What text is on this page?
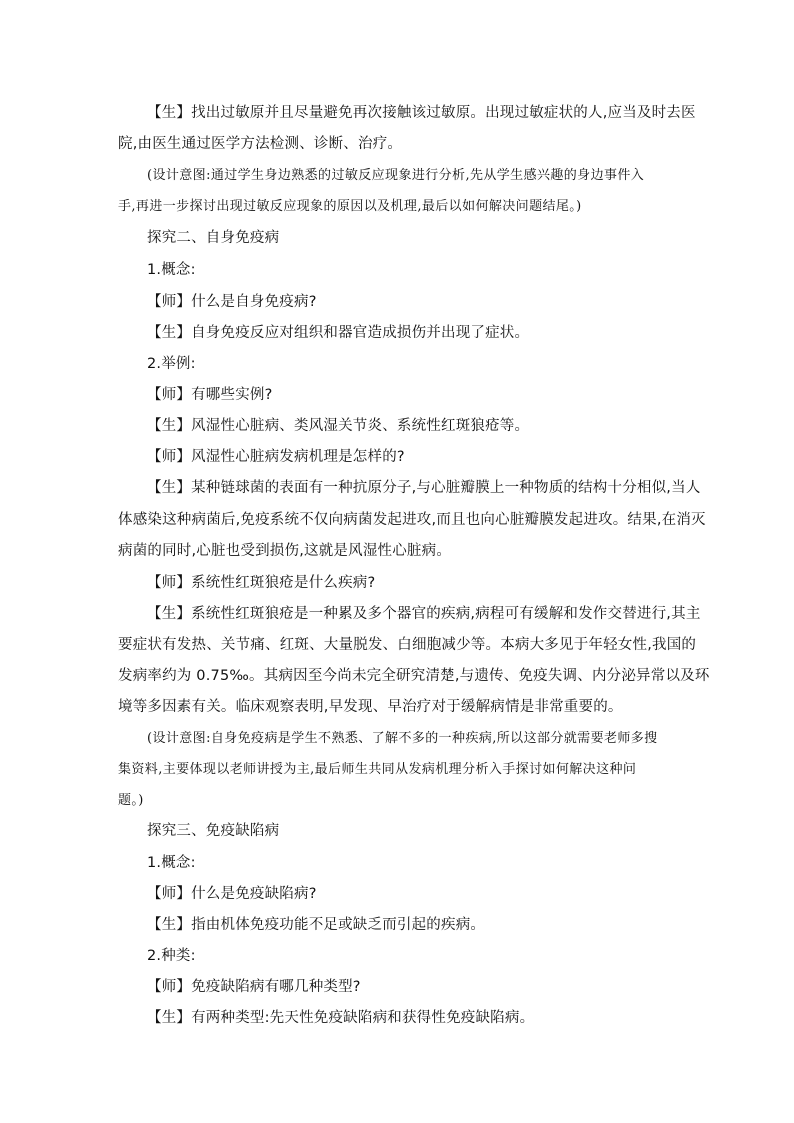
【生】找出过敏原并且尽量避免再次接触该过敏原。出现过敏症状的人,应当及时去医
院,由医生通过医学方法检测、诊断、治疗。
(设计意图:通过学生身边熟悉的过敏反应现象进行分析,先从学生感兴趣的身边事件入
手,再进一步探讨出现过敏反应现象的原因以及机理,最后以如何解决问题结尾。)
探究二、自身免疫病
1.概念:
【师】什么是自身免疫病?
【生】自身免疫反应对组织和器官造成损伤并出现了症状。
2.举例:
【师】有哪些实例?
【生】风湿性心脏病、类风湿关节炎、系统性红斑狼疮等。
【师】风湿性心脏病发病机理是怎样的?
【生】某种链球菌的表面有一种抗原分子,与心脏瓣膜上一种物质的结构十分相似,当人
体感染这种病菌后,免疫系统不仅向病菌发起进攻,而且也向心脏瓣膜发起进攻。结果,在消灭
病菌的同时,心脏也受到损伤,这就是风湿性心脏病。
【师】系统性红斑狼疮是什么疾病?
【生】系统性红斑狼疮是一种累及多个器官的疾病,病程可有缓解和发作交替进行,其主
要症状有发热、关节痛、红斑、大量脱发、白细胞减少等。本病大多见于年轻女性,我国的
发病率约为 0.75‰。其病因至今尚未完全研究清楚,与遗传、免疫失调、内分泌异常以及环
境等多因素有关。临床观察表明,早发现、早治疗对于缓解病情是非常重要的。
(设计意图:自身免疫病是学生不熟悉、了解不多的一种疾病,所以这部分就需要老师多搜
集资料,主要体现以老师讲授为主,最后师生共同从发病机理分析入手探讨如何解决这种问
题。)
探究三、免疫缺陷病
1.概念:
【师】什么是免疫缺陷病?
【生】指由机体免疫功能不足或缺乏而引起的疾病。
2.种类:
【师】免疫缺陷病有哪几种类型?
【生】有两种类型:先天性免疫缺陷病和获得性免疫缺陷病。
